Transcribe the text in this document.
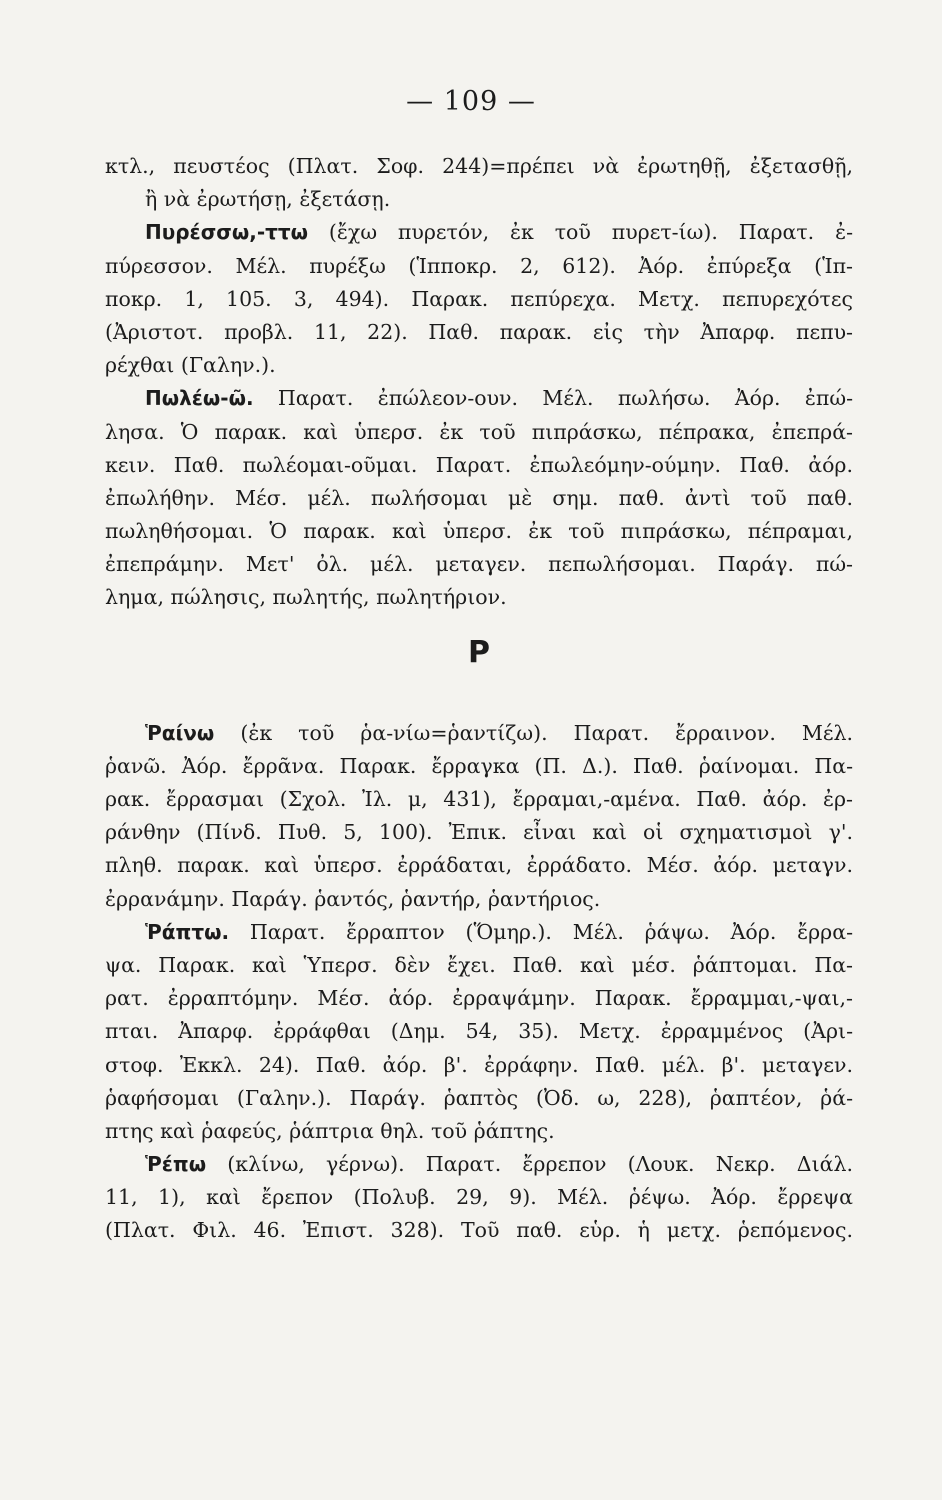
— 109 —
κτλ., πευστέος (Πλατ. Σοφ. 244)=πρέπει νὰ ἐρωτηθῇ, ἐξετασθῇ,
ἢ νὰ ἐρωτήσῃ, ἐξετάσῃ.
Πυρέσσω,-ττω (ἔχω πυρετόν, ἐκ τοῦ πυρετ-ίω). Παρατ. ἐ-
πύρεσσον. Μέλ. πυρέξω (Ἱπποκρ. 2, 612). Ἀόρ. ἐπύρεξα (Ἱπ-
ποκρ. 1, 105. 3, 494). Παρακ. πεπύρεχα. Μετχ. πεπυρεχότες
(Ἀριστοτ. προβλ. 11, 22). Παθ. παρακ. εἰς τὴν Ἀπαρφ. πεπυ-
ρέχθαι (Γαλην.).
Πωλέω-ῶ. Παρατ. ἐπώλεον-ουν. Μέλ. πωλήσω. Ἀόρ. ἐπώ-
λησα. Ὁ παρακ. καὶ ὑπερσ. ἐκ τοῦ πιπράσκω, πέπρακα, ἐπεπρά-
κειν. Παθ. πωλέομαι-οῦμαι. Παρατ. ἐπωλεόμην-ούμην. Παθ. ἀόρ.
ἐπωλήθην. Μέσ. μέλ. πωλήσομαι μὲ σημ. παθ. ἀντὶ τοῦ παθ.
πωληθήσομαι. Ὁ παρακ. καὶ ὑπερσ. ἐκ τοῦ πιπράσκω, πέπραμαι,
ἐπεπράμην. Μετ' ὀλ. μέλ. μεταγεν. πεπωλήσομαι. Παράγ. πώ-
λημα, πώλησις, πωλητής, πωλητήριον.
Ρ
Ῥαίνω (ἐκ τοῦ ῥα-νίω=ῥαντίζω). Παρατ. ἔρραινον. Μέλ.
ῥανῶ. Ἀόρ. ἔρρᾶνα. Παρακ. ἔρραγκα (Π. Δ.). Παθ. ῥαίνομαι. Πα-
ρακ. ἔρρασμαι (Σχολ. Ἰλ. μ, 431), ἔρραμαι,-αμένα. Παθ. ἀόρ. ἐρ-
ράνθην (Πίνδ. Πυθ. 5, 100). Ἐπικ. εἶναι καὶ οἱ σχηματισμοὶ γ'.
πληθ. παρακ. καὶ ὑπερσ. ἐρράδαται, ἐρράδατο. Μέσ. ἀόρ. μεταγν.
ἐρρανάμην. Παράγ. ῥαντός, ῥαντήρ, ῥαντήριος.
Ῥάπτω. Παρατ. ἔρραπτον (Ὅμηρ.). Μέλ. ῥάψω. Ἀόρ. ἔρρα-
ψα. Παρακ. καὶ Ὑπερσ. δὲν ἔχει. Παθ. καὶ μέσ. ῥάπτομαι. Πα-
ρατ. ἐρραπτόμην. Μέσ. ἀόρ. ἐρραψάμην. Παρακ. ἔρραμμαι,-ψαι,-
πται. Ἀπαρφ. ἐρράφθαι (Δημ. 54, 35). Μετχ. ἐρραμμένος (Ἀρι-
στοφ. Ἐκκλ. 24). Παθ. ἀόρ. β'. ἐρράφην. Παθ. μέλ. β'. μεταγεν.
ῥαφήσομαι (Γαλην.). Παράγ. ῥαπτὸς (Ὀδ. ω, 228), ῥαπτέον, ῥά-
πτης καὶ ῥαφεύς, ῥάπτρια θηλ. τοῦ ῥάπτης.
Ῥέπω (κλίνω, γέρνω). Παρατ. ἔρρεπον (Λουκ. Νεκρ. Διάλ.
11, 1), καὶ ἔρεπον (Πολυβ. 29, 9). Μέλ. ῥέψω. Ἀόρ. ἔρρεψα
(Πλατ. Φιλ. 46. Ἐπιστ. 328). Τοῦ παθ. εὑρ. ἡ μετχ. ῥεπόμενος.
